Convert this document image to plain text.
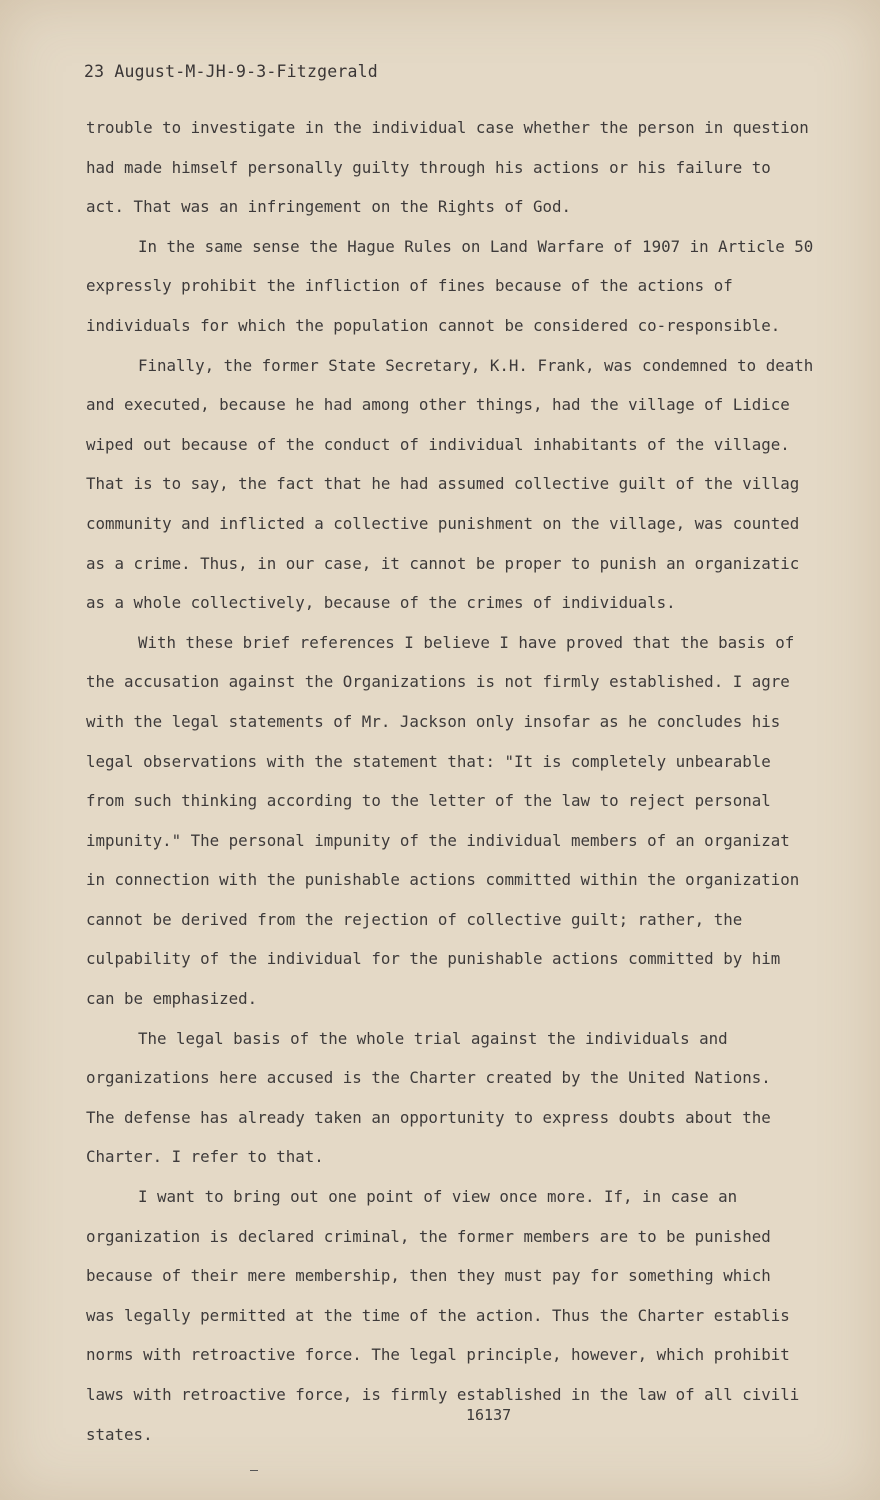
23 August-M-JH-9-3-Fitzgerald
trouble to investigate in the individual case whether the person in question
had made himself personally guilty through his actions or his failure to
act. That was an infringement on the Rights of God.
In the same sense the Hague Rules on Land Warfare of 1907 in Article 50
expressly prohibit the infliction of fines because of the actions of
individuals for which the population cannot be considered co-responsible.
Finally, the former State Secretary, K.H. Frank, was condemned to death
and executed, because he had among other things, had the village of Lidice
wiped out because of the conduct of individual inhabitants of the village.
That is to say, the fact that he had assumed collective guilt of the villag
community and inflicted a collective punishment on the village, was counted
as a crime. Thus, in our case, it cannot be proper to punish an organizatic
as a whole collectively, because of the crimes of individuals.
With these brief references I believe I have proved that the basis of
the accusation against the Organizations is not firmly established. I agre
with the legal statements of Mr. Jackson only insofar as he concludes his
legal observations with the statement that: "It is completely unbearable
from such thinking according to the letter of the law to reject personal
impunity." The personal impunity of the individual members of an organizat
in connection with the punishable actions committed within the organization
cannot be derived from the rejection of collective guilt; rather, the
culpability of the individual for the punishable actions committed by him
can be emphasized.
The legal basis of the whole trial against the individuals and
organizations here accused is the Charter created by the United Nations.
The defense has already taken an opportunity to express doubts about the
Charter. I refer to that.
I want to bring out one point of view once more. If, in case an
organization is declared criminal, the former members are to be punished
because of their mere membership, then they must pay for something which
was legally permitted at the time of the action. Thus the Charter establis
norms with retroactive force. The legal principle, however, which prohibit
laws with retroactive force, is firmly established in the law of all civili
states.
16137
